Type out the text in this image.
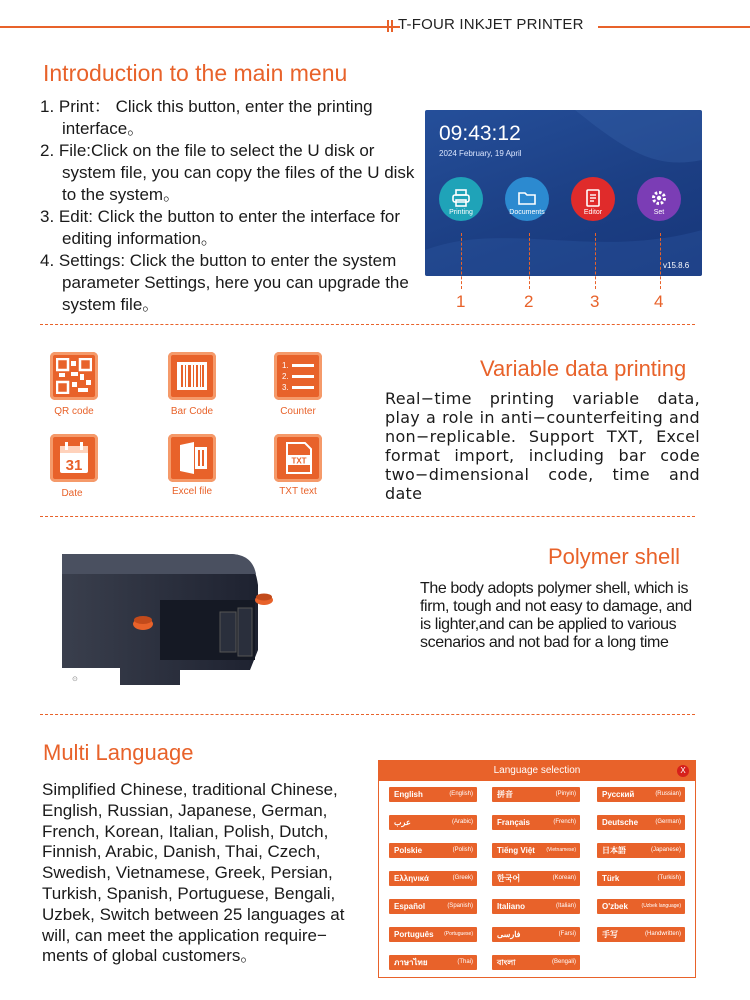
T-FOUR INKJET PRINTER
Introduction to the main menu
1. Print： Click this button, enter the printing interface。
2. File:Click on the file to select the U disk or system file, you can copy the files of the U disk to the system。
3. Edit: Click the button to enter the interface for editing information。
4. Settings: Click the button to enter the system parameter Settings, here you can upgrade the system file。
09:43:12
2024 February, 19 April
Printing	Documents	Editor	Set
v15.8.6
1	2	3	4
QR code	Bar Code
1.
2.
3.
Counter
31
Date	Excel file
TXT
TXT text
Variable data printing
Real−time printing variable data, play a role in anti−counterfeiting and non−replicable. Support TXT, Excel format import, including bar code two−dimensional code, time and date
⊙
Polymer shell
The body adopts polymer shell, which is firm, tough and not easy to damage, and is lighter,and can be applied to various scenarios and not bad for a long time
Multi Language
Simplified Chinese, traditional Chinese, English, Russian, Japanese, German, French, Korean, Italian, Polish, Dutch, Finnish, Arabic, Danish, Thai, Czech, Swedish, Vietnamese, Greek, Persian, Turkish, Spanish, Portuguese, Bengali, Uzbek, Switch between 25 languages at will, can meet the application require− ments of global customers。
Language selection	X
English	(English)	拼音	(Pinyin)	Русский	(Russian)
عرب	(Arabic)	Français	(French)	Deutsche	(German)
Polskie	(Polish)	Tiếng Việt (Vietnamese)	日本語	(Japanese)
Ελληνικά	(Greek)	한국어	(Korean)	Türk	(Turkish)
Español	(Spanish)	Italiano	(Italian)	O'zbek	(Uzbek language)
Português (Portuguese)	فارسی	(Farsi)	手写	(Handwritten)
ภาษาไทย	(Thai)	বাংলা	(Bengali)
